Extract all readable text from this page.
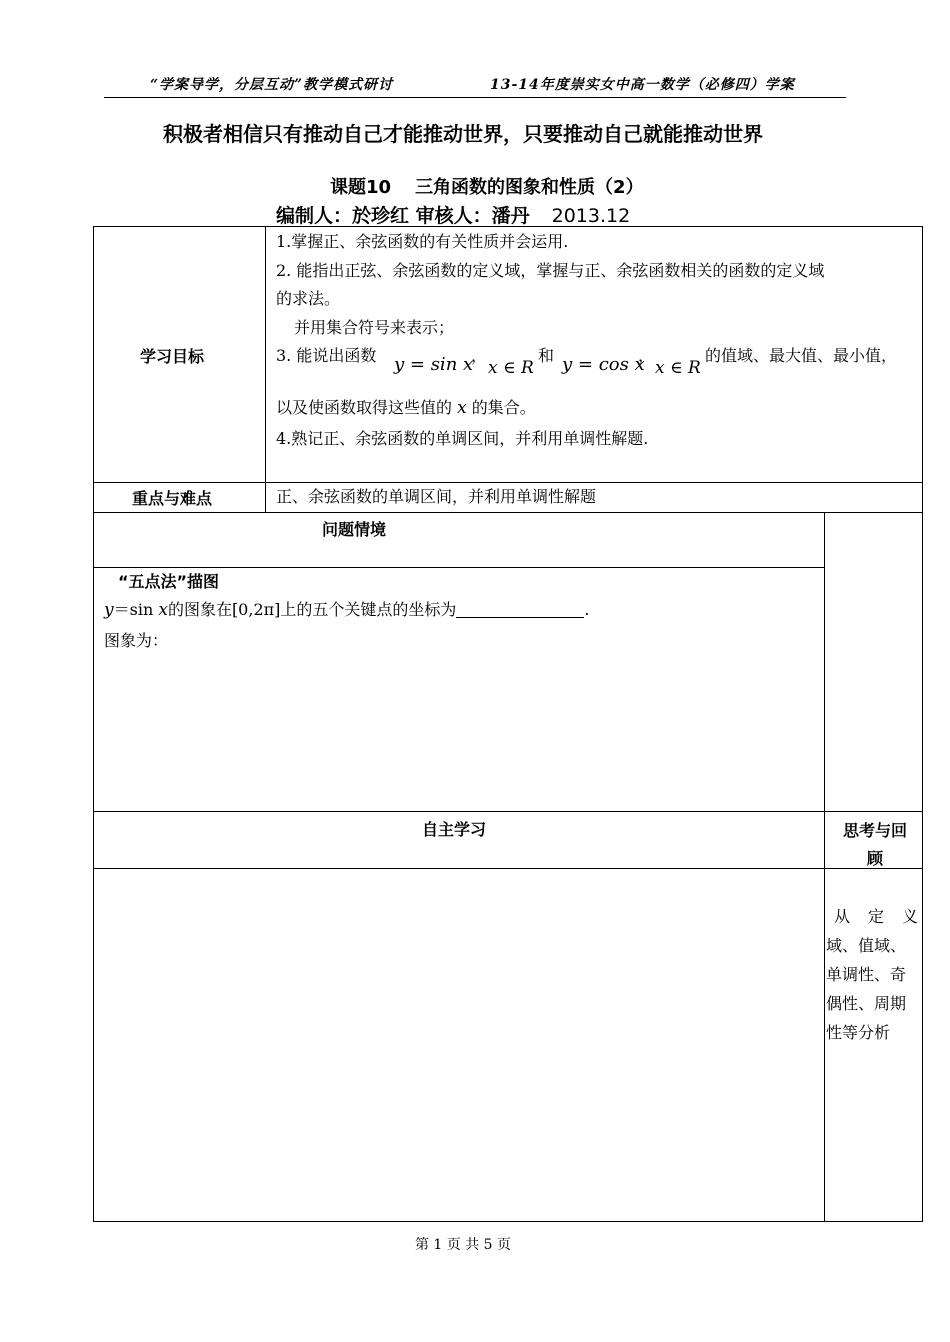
“学案导学，分层互动”教学模式研讨	13-14年度崇实女中高一数学（必修四）学案
积极者相信只有推动自己才能推动世界，只要推动自己就能推动世界
课题10 三角函数的图象和性质（2）
编制人：於珍红 审核人：潘丹 2013.12
学习目标
1.掌握正、余弦函数的有关性质并会运用.
2. 能指出正弦、余弦函数的定义域，掌握与正、余弦函数相关的函数的定义域
的求法。
并用集合符号来表示；
3. 能说出函数 y = sin x
，
x ∈ R
和 y = cos x
，
x ∈ R
的值域、最大值、最小值，
以及使函数取得这些值的 x 的集合。
4.熟记正、余弦函数的单调区间，并利用单调性解题.
重点与难点	正、余弦函数的单调区间，并利用单调性解题
问题情境
“五点法”描图
y＝sin x的图象在[0,2π]上的五个关键点的坐标为	.
图象为：
自主学习	思考与回顾
从 定 义
域、值域、
单调性、奇
偶性、周期
性等分析
第 1 页 共 5 页
